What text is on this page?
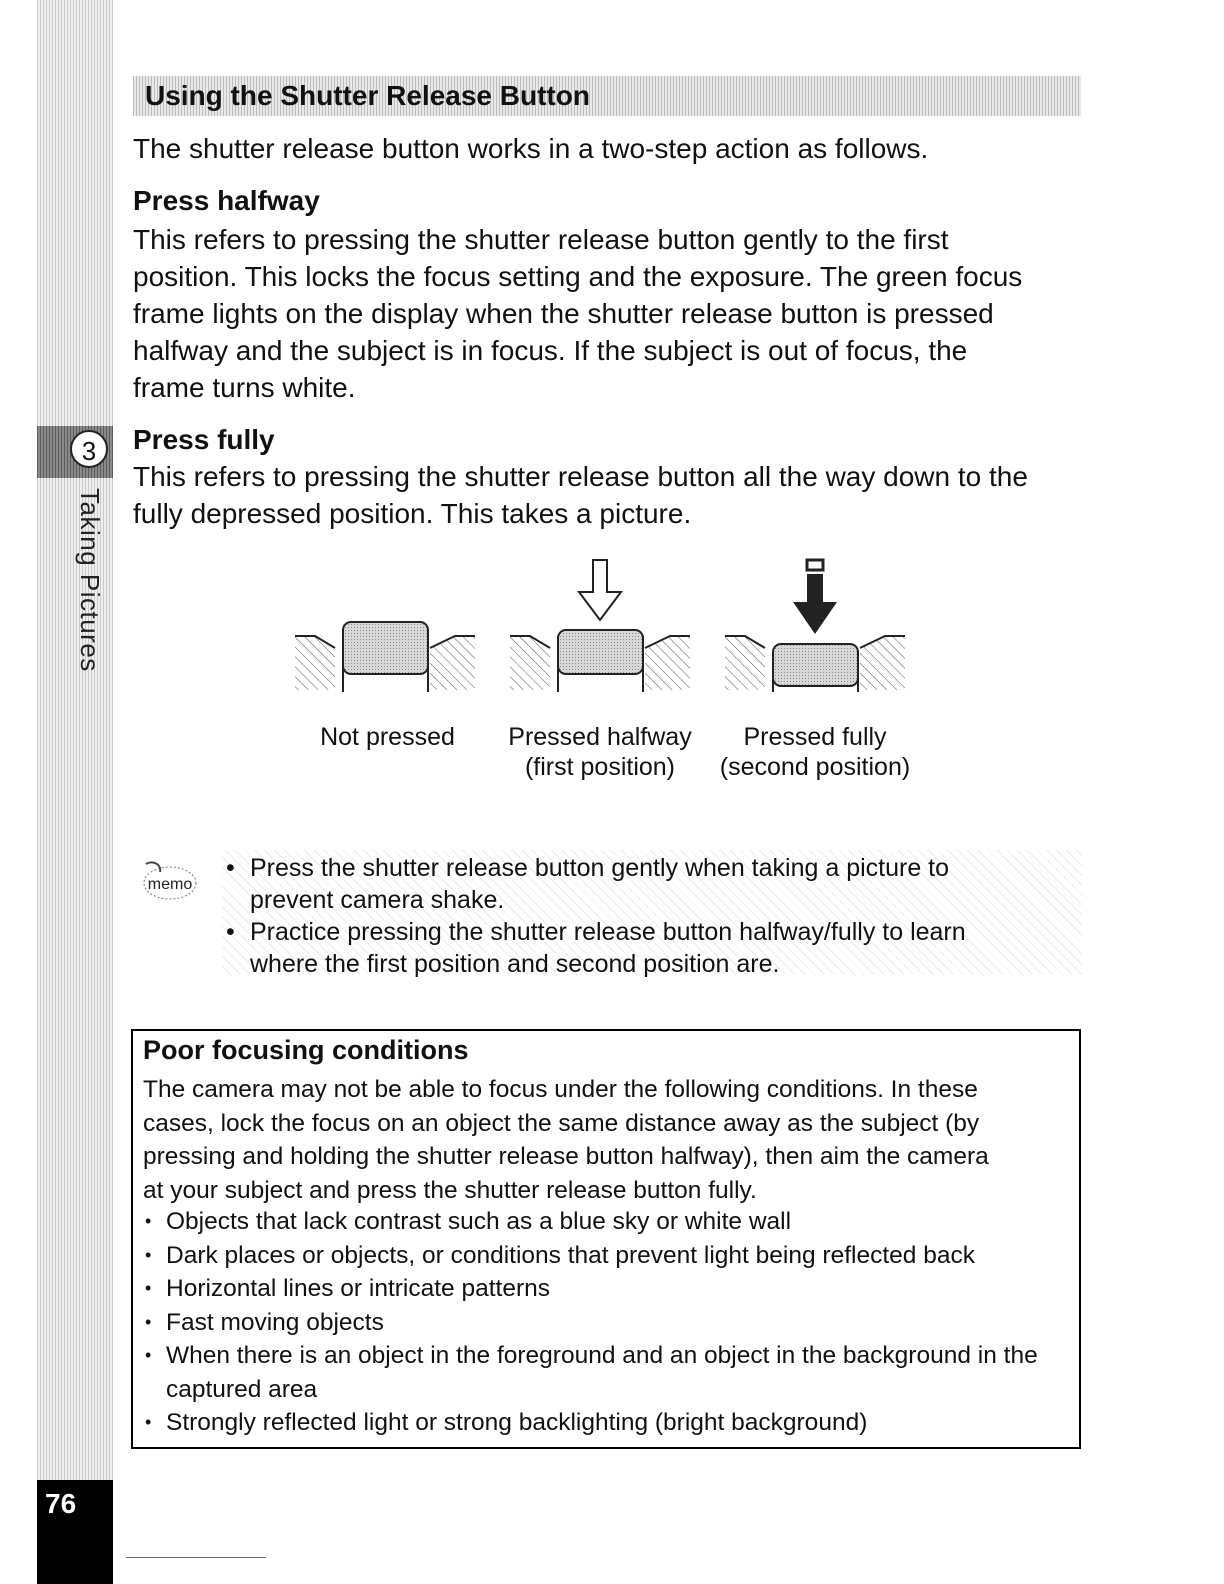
3
Taking Pictures
76
Using the Shutter Release Button
The shutter release button works in a two-step action as follows.
Press halfway
This refers to pressing the shutter release button gently to the first
position. This locks the focus setting and the exposure. The green focus
frame lights on the display when the shutter release button is pressed
halfway and the subject is in focus. If the subject is out of focus, the
frame turns white.
Press fully
This refers to pressing the shutter release button all the way down to the
fully depressed position. This takes a picture.
Not pressed	Pressed halfway
(first position)
Pressed fully
(second position)
memo
• Press the shutter release button gently when taking a picture to
prevent camera shake.
• Practice pressing the shutter release button halfway/fully to learn
where the first position and second position are.
Poor focusing conditions
The camera may not be able to focus under the following conditions. In these
cases, lock the focus on an object the same distance away as the subject (by
pressing and holding the shutter release button halfway), then aim the camera
at your subject and press the shutter release button fully.
• Objects that lack contrast such as a blue sky or white wall
• Dark places or objects, or conditions that prevent light being reflected back
• Horizontal lines or intricate patterns
• Fast moving objects
• When there is an object in the foreground and an object in the background in the captured area
• Strongly reflected light or strong backlighting (bright background)
